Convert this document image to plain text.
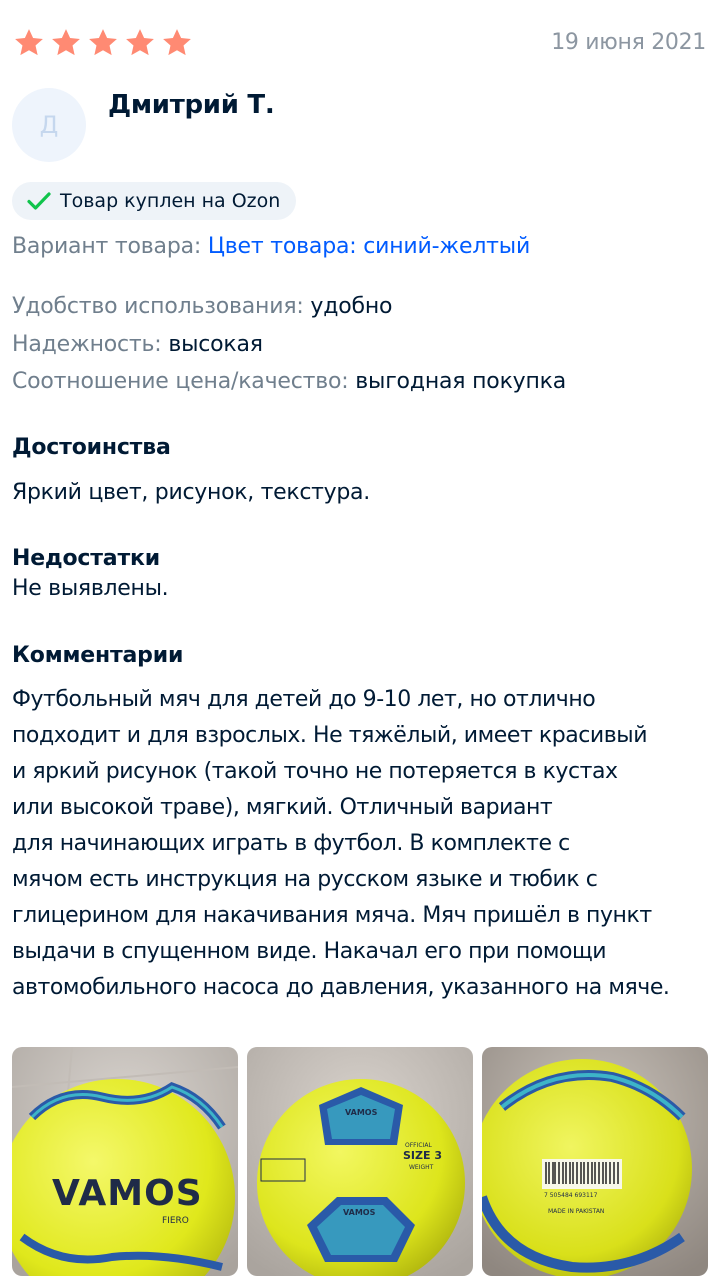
19 июня 2021
Д
Дмитрий Т.
Товар куплен на Ozon
Вариант товара: Цвет товара: синий-желтый
Удобство использования: удобно
Надежность: высокая
Соотношение цена/качество: выгодная покупка
Достоинства
Яркий цвет, рисунок, текстура.
Недостатки
Не выявлены.
Комментарии
Футбольный мяч для детей до 9-10 лет, но отлично
подходит и для взрослых. Не тяжёлый, имеет красивый
и яркий рисунок (такой точно не потеряется в кустах
или высокой траве), мягкий. Отличный вариант
для начинающих играть в футбол. В комплекте с
мячом есть инструкция на русском языке и тюбик с
глицерином для накачивания мяча. Мяч пришёл в пункт
выдачи в спущенном виде. Накачал его при помощи
автомобильного насоса до давления, указанного на мяче.
VAMOS
FIERO
VAMOS
OFFICIAL
SIZE 3
WEIGHT
VAMOS
7 505484 693117
MADE IN PAKISTAN
